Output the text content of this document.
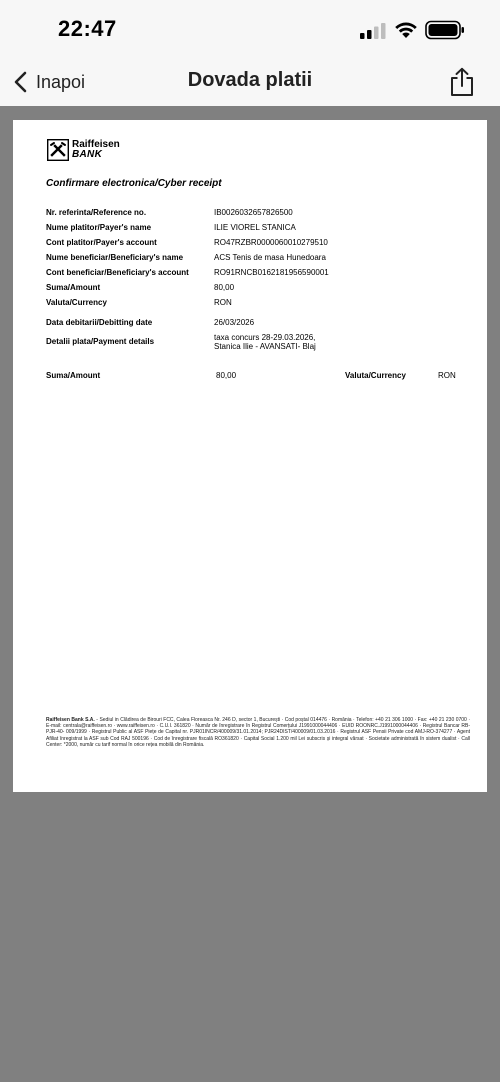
22:47
Inapoi	Dovada platii
Raiffeisen
BANK
Confirmare electronica/Cyber receipt
Nr. referinta/Reference no.	IB0026032657826500
Nume platitor/Payer's name	ILIE VIOREL STANICA
Cont platitor/Payer's account	RO47RZBR0000060010279510
Nume beneficiar/Beneficiary's name	ACS Tenis de masa Hunedoara
Cont beneficiar/Beneficiary's account	RO91RNCB0162181956590001
Suma/Amount	80,00
Valuta/Currency	RON
Data debitarii/Debitting date	26/03/2026
Detalii plata/Payment details	taxa concurs 28-29.03.2026, Stanica Ilie - AVANSATI- Blaj
Suma/Amount	80,00	Valuta/Currency	RON
Raiffeisen Bank S.A. - Sediul in Clădirea de Birouri FCC, Calea Floreasca Nr. 246 D, sector 1, București · Cod poștal 014476 · România · Telefon: +40 21 306 1000 · Fax: +40 21 230 0700 · E-mail: centrala@raiffeisen.ro · www.raiffeisen.ro · C.U.I. 361820 · Număr de înregistrare în Registrul Comerțului J1991000044406 · EUID ROONRC.J1991000044406 · Registrul Bancar RB-PJR-40- 009/1999 · Registrul Public al ASF Piețe de Capital nr. PJR01INCR/400009/31.01.2014; PJR24DIST/400009/01.03.2016 · Registrul ASF Pensii Private cod AMJ-RO-374277 · Agent Afiliat înregistrat la ASF sub Cod RAJ 500196 · Cod de înregistrare fiscală RO361820 · Capital Social 1.200 mil Lei subscris și integral vărsat · Societate administrată în sistem dualist · Call Center: *2000, număr cu tarif normal în orice rețea mobilă din România.
